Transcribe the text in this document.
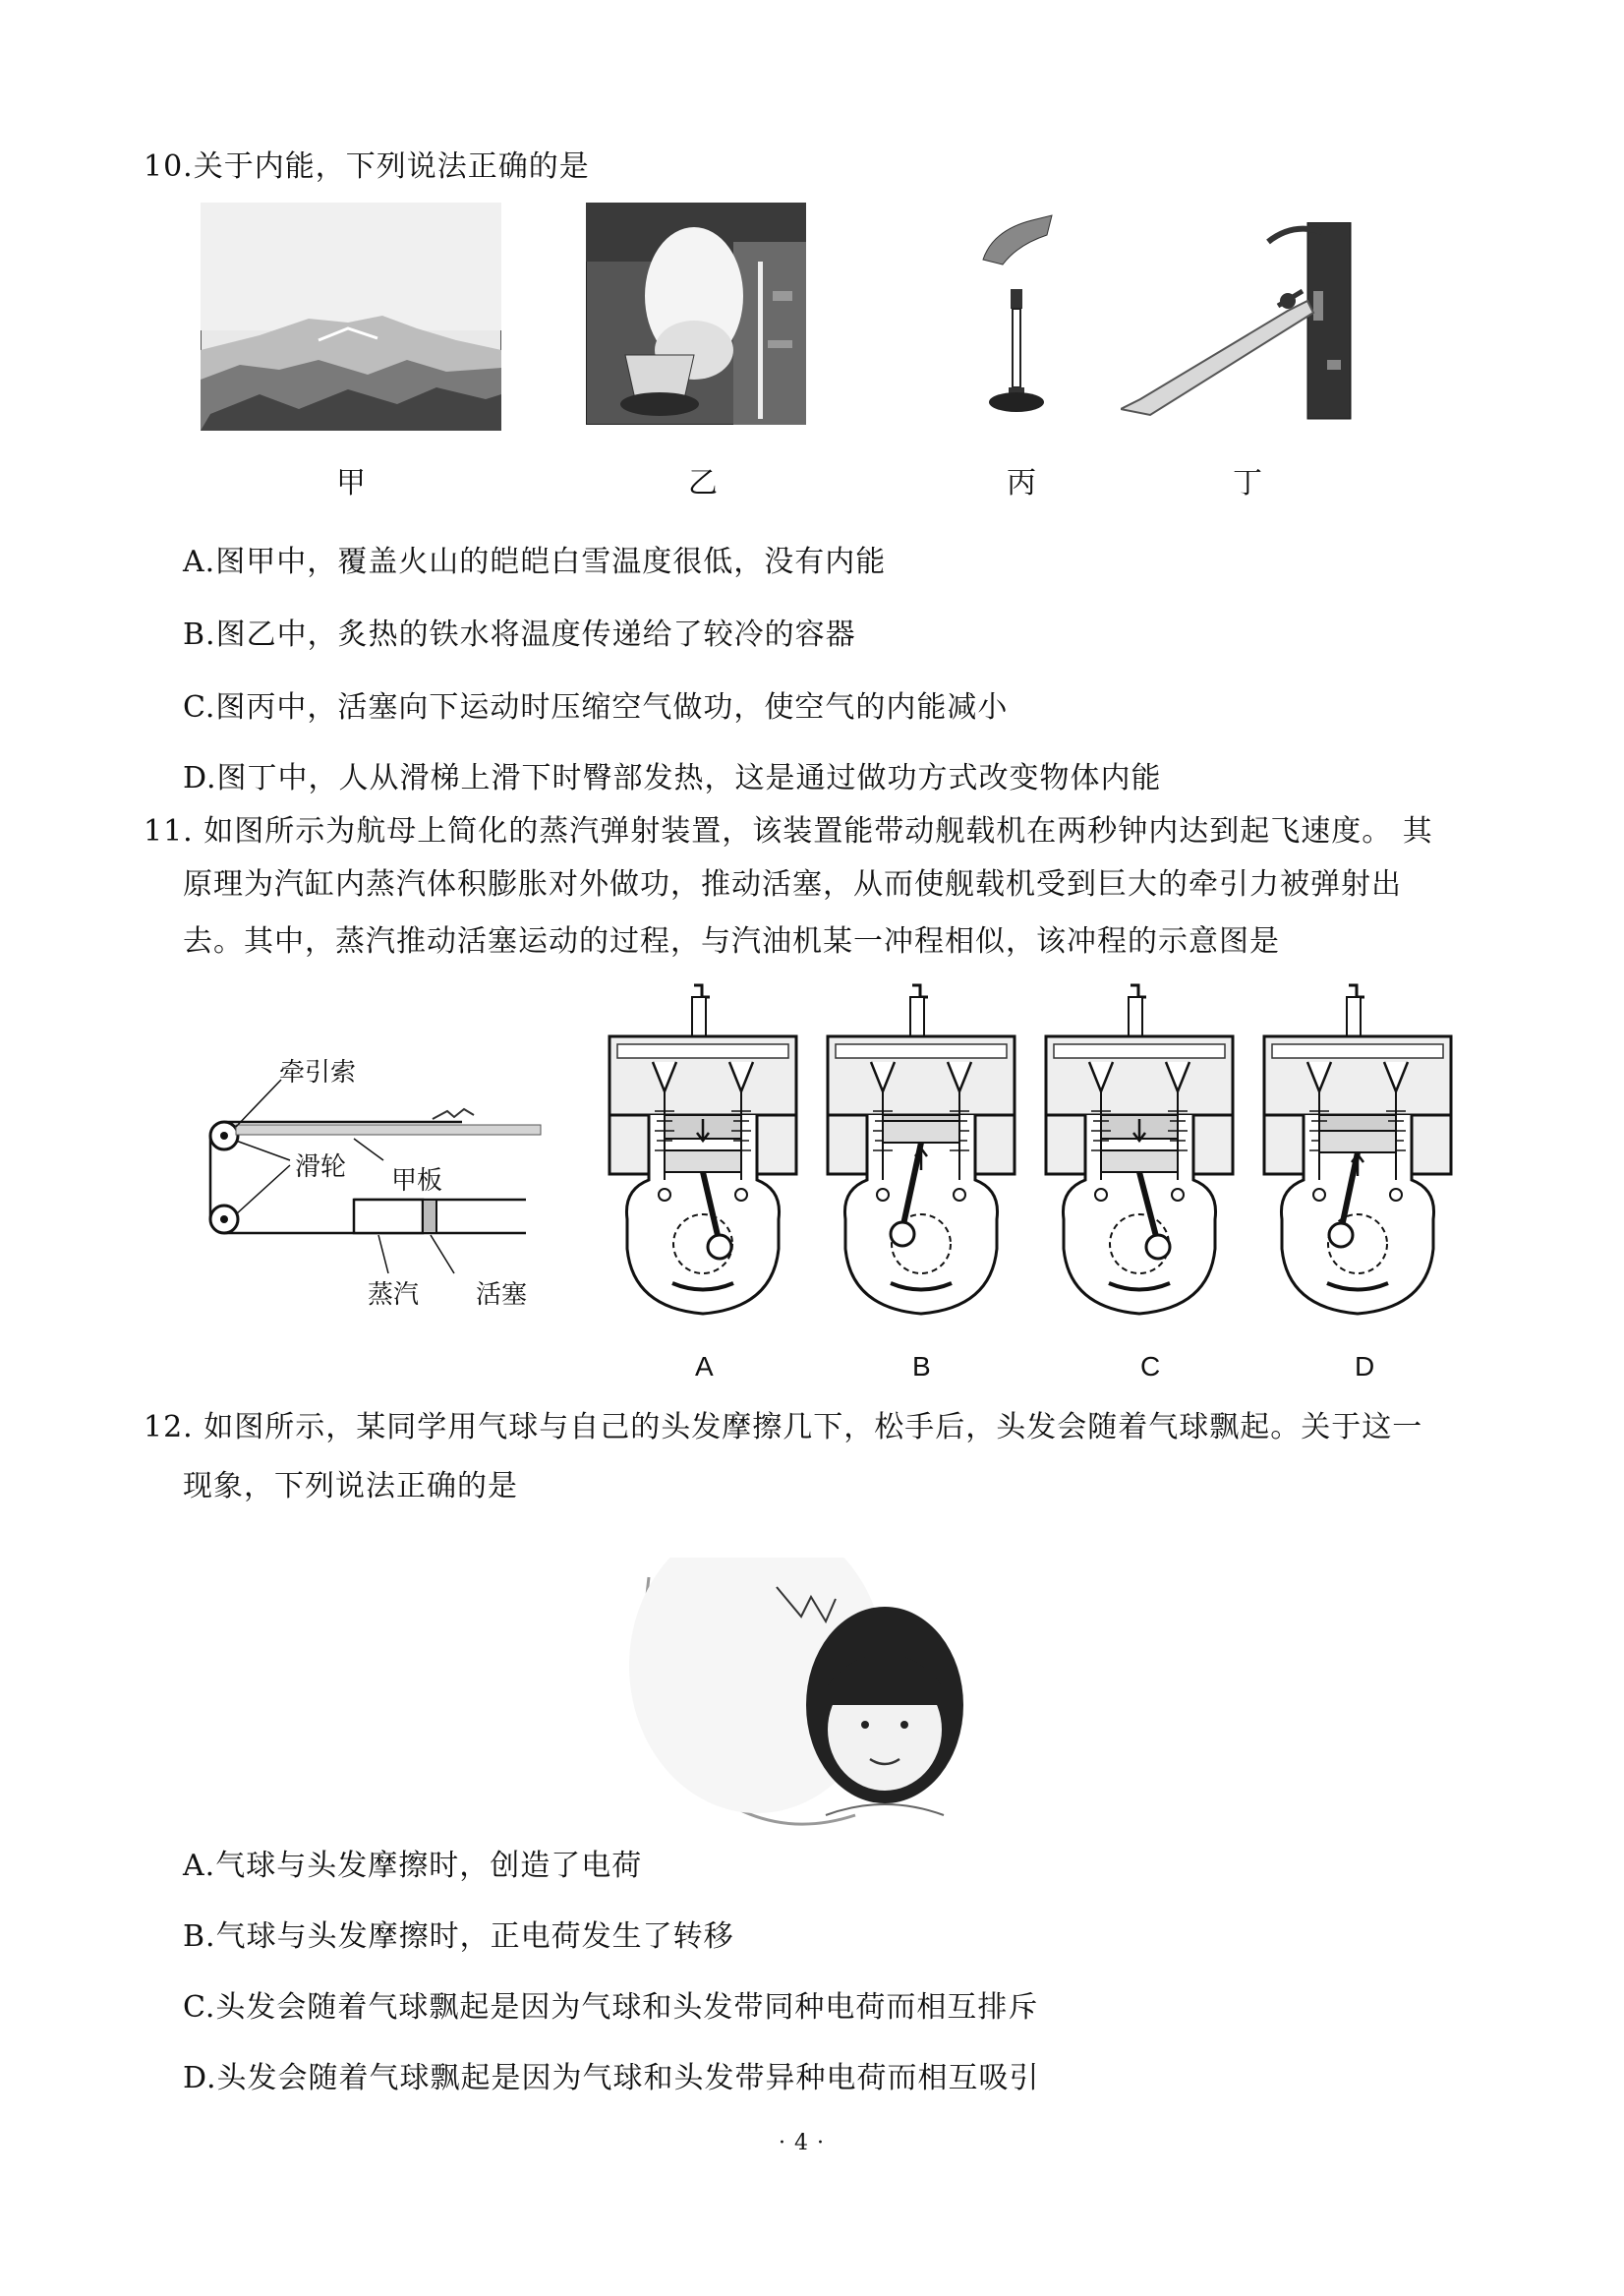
10.关于内能，下列说法正确的是
甲	乙	丙	丁
A.图甲中，覆盖火山的皑皑白雪温度很低，没有内能
B.图乙中，炙热的铁水将温度传递给了较冷的容器
C.图丙中，活塞向下运动时压缩空气做功，使空气的内能减小
D.图丁中，人从滑梯上滑下时臀部发热，这是通过做功方式改变物体内能
11. 如图所示为航母上简化的蒸汽弹射装置，该装置能带动舰载机在两秒钟内达到起飞速度。 其
原理为汽缸内蒸汽体积膨胀对外做功，推动活塞，从而使舰载机受到巨大的牵引力被弹射出
去。其中，蒸汽推动活塞运动的过程，与汽油机某一冲程相似，该冲程的示意图是
牵引索
滑轮 甲板
蒸汽 活塞
A	B	C	D
12. 如图所示，某同学用气球与自己的头发摩擦几下，松手后，头发会随着气球飘起。关于这一
现象，下列说法正确的是
A.气球与头发摩擦时，创造了电荷
B.气球与头发摩擦时，正电荷发生了转移
C.头发会随着气球飘起是因为气球和头发带同种电荷而相互排斥
D.头发会随着气球飘起是因为气球和头发带异种电荷而相互吸引
· 4 ·
